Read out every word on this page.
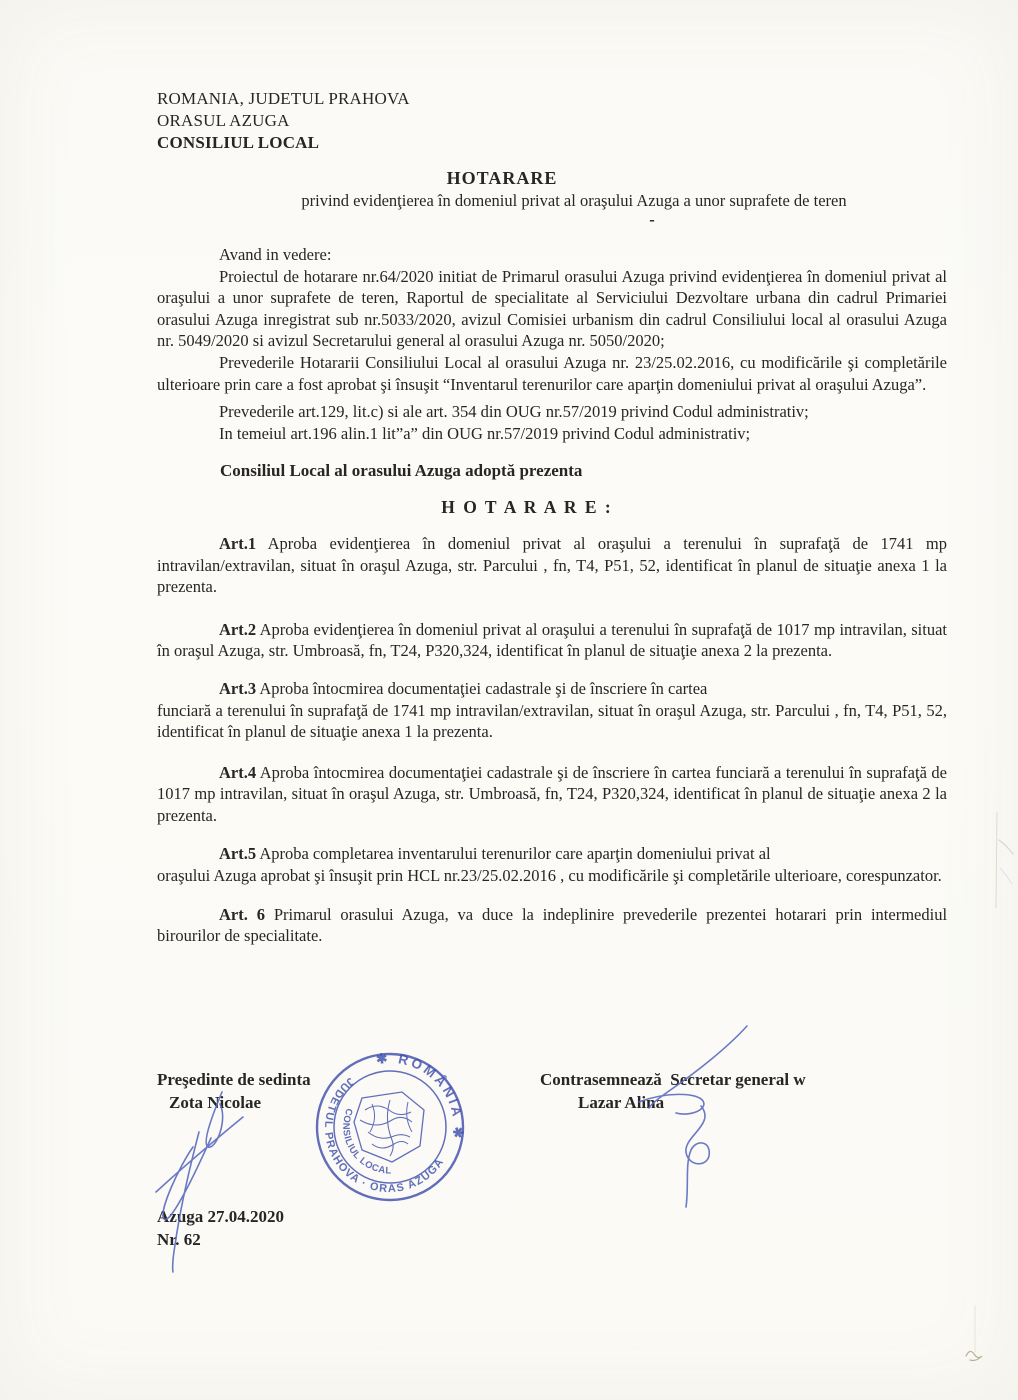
ROMANIA, JUDETUL PRAHOVA
ORASUL AZUGA
CONSILIUL LOCAL
HOTARARE
privind evidenţierea în domeniul privat al oraşului Azuga a unor suprafete de teren
-

Avand in vedere:

Proiectul de hotarare nr.64/2020 initiat de Primarul orasului Azuga privind evidenţierea în domeniul privat al oraşului a unor suprafete de teren, Raportul de specialitate al Serviciului Dezvoltare urbana din cadrul Primariei orasului Azuga inregistrat sub nr.5033/2020, avizul Comisiei urbanism din cadrul Consiliului local al orasului Azuga nr. 5049/2020 si avizul Secretarului general al orasului Azuga nr. 5050/2020;

Prevederile Hotararii Consiliului Local al orasului Azuga nr. 23/25.02.2016, cu modificările şi completările ulterioare prin care a fost aprobat şi însuşit “Inventarul terenurilor care aparţin domeniului privat al oraşului Azuga”.

Prevederile art.129, lit.c) si ale art. 354 din OUG nr.57/2019 privind Codul administrativ;

In temeiul art.196 alin.1 lit”a” din OUG nr.57/2019 privind Codul administrativ;

Consiliul Local al orasului Azuga adoptă prezenta

H O T A R A R E :

Art.1 Aproba evidenţierea în domeniul privat al oraşului a terenului în suprafaţă de 1741 mp intravilan/extravilan, situat în oraşul Azuga, str. Parcului , fn, T4, P51, 52, identificat în planul de situaţie anexa 1 la prezenta.

Art.2 Aproba evidenţierea în domeniul privat al oraşului a terenului în suprafaţă de 1017 mp intravilan, situat în oraşul Azuga, str. Umbroasă, fn, T24, P320,324, identificat în planul de situaţie anexa 2 la prezenta.

Art.3 Aproba întocmirea documentaţiei cadastrale şi de înscriere în cartea
funciară a terenului în suprafaţă de 1741 mp intravilan/extravilan, situat în oraşul Azuga, str. Parcului , fn, T4, P51, 52, identificat în planul de situaţie anexa 1 la prezenta.

Art.4 Aproba întocmirea documentaţiei cadastrale şi de înscriere în cartea funciară a terenului în suprafaţă de 1017 mp intravilan, situat în oraşul Azuga, str. Umbroasă, fn, T24, P320,324, identificat în planul de situaţie anexa 2 la prezenta.

Art.5 Aproba completarea inventarului terenurilor care aparţin domeniului privat al
oraşului Azuga aprobat şi însuşit prin HCL nr.23/25.02.2016 , cu modificările şi completările ulterioare, corespunzator.

Art. 6 Primarul orasului Azuga, va duce la indeplinire prevederile prezentei hotarari prin intermediul birourilor de specialitate.

Preşedinte de sedinta
Zota Nicolae
Contrasemnează  Secretar general w
Lazar Alina
Azuga 27.04.2020
Nr. 62
JUDETUL PRAHOVA · ORAS AZUGA
✱ ROMÂNIA ✱
CONSILIUL LOCAL
